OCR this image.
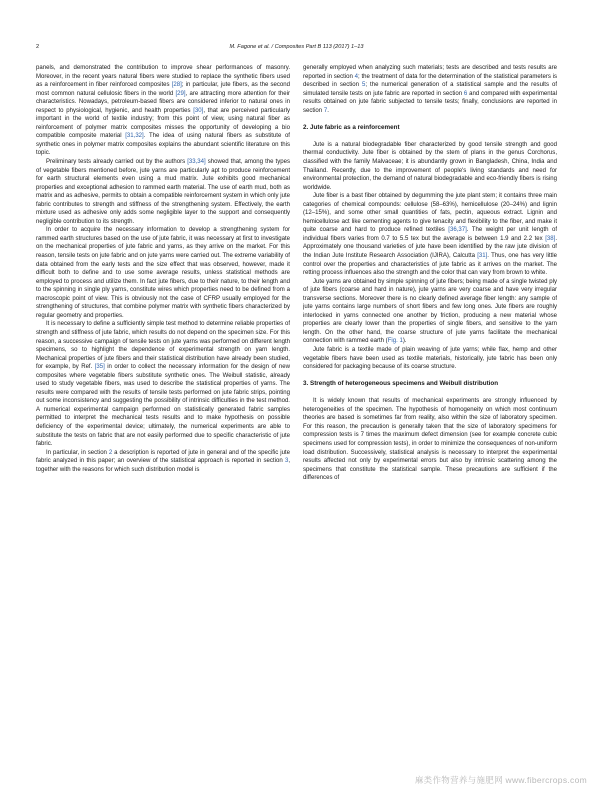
2	M. Fagone et al. / Composites Part B 113 (2017) 1–13

panels, and demonstrated the contribution to improve shear performances of masonry. Moreover, in the recent years natural fibers were studied to replace the synthetic fibers used as a reinforcement in fiber reinforced composites [28]; in particular, jute fibers, as the second most common natural cellulosic fibers in the world [29], are attracting more attention for their characteristics. Nowadays, petroleum-based fibers are considered inferior to natural ones in respect to physiological, hygienic, and health properties [30], that are perceived particularly important in the world of textile industry; from this point of view, using natural fiber as reinforcement of polymer matrix composites misses the opportunity of developing a bio compatible composite material [31,32]. The idea of using natural fibers as substitute of synthetic ones in polymer matrix composites explains the abundant scientific literature on this topic.

Preliminary tests already carried out by the authors [33,34] showed that, among the types of vegetable fibers mentioned before, jute yarns are particularly apt to produce reinforcement for earth structural elements even using a mud matrix. Jute exhibits good mechanical properties and exceptional adhesion to rammed earth material. The use of earth mud, both as matrix and as adhesive, permits to obtain a compatible reinforcement system in which only jute fabric contributes to strength and stiffness of the strengthening system. Effectively, the earth mixture used as adhesive only adds some negligible layer to the support and consequently negligible contribution to its strength.

In order to acquire the necessary information to develop a strengthening system for rammed earth structures based on the use of jute fabric, it was necessary at first to investigate on the mechanical properties of jute fabric and yarns, as they arrive on the market. For this reason, tensile tests on jute fabric and on jute yarns were carried out. The extreme variability of data obtained from the early tests and the size effect that was observed, however, made it difficult both to define and to use some average results, unless statistical methods are employed to process and utilize them. In fact jute fibers, due to their nature, to their length and to the spinning in single ply yarns, constitute wires which properties need to be defined from a macroscopic point of view. This is obviously not the case of CFRP usually employed for the strengthening of structures, that combine polymer matrix with synthetic fibers characterized by regular geometry and properties.

It is necessary to define a sufficiently simple test method to determine reliable properties of strength and stiffness of jute fabric, which results do not depend on the specimen size. For this reason, a successive campaign of tensile tests on jute yarns was performed on different length specimens, so to highlight the dependence of experimental strength on yarn length. Mechanical properties of jute fibers and their statistical distribution have already been studied, for example, by Ref. [35] in order to collect the necessary information for the design of new composites where vegetable fibers substitute synthetic ones. The Weibull statistic, already used to study vegetable fibers, was used to describe the statistical properties of yarns. The results were compared with the results of tensile tests performed on jute fabric strips, pointing out some inconsistency and suggesting the possibility of intrinsic difficulties in the test method. A numerical experimental campaign performed on statistically generated fabric samples permitted to interpret the mechanical tests results and to make hypothesis on possible deficiency of the experimental device; ultimately, the numerical experiments are able to substitute the tests on fabric that are not easily performed due to specific characteristic of jute fabric.

In particular, in section 2 a description is reported of jute in general and of the specific jute fabric analyzed in this paper; an overview of the statistical approach is reported in section 3, together with the reasons for which such distribution model is

generally employed when analyzing such materials; tests are described and tests results are reported in section 4; the treatment of data for the determination of the statistical parameters is described in section 5; the numerical generation of a statistical sample and the results of simulated tensile tests on jute fabric are reported in section 6 and compared with experimental results obtained on jute fabric subjected to tensile tests; finally, conclusions are reported in section 7.

2. Jute fabric as a reinforcement

Jute is a natural biodegradable fiber characterized by good tensile strength and good thermal conductivity. Jute fiber is obtained by the stem of plans in the genus Corchorus, classified with the family Malvaceae; it is abundantly grown in Bangladesh, China, India and Thailand. Recently, due to the improvement of people's living standards and need for environmental protection, the demand of natural biodegradable and eco-friendly fibers is rising worldwide.

Jute fiber is a bast fiber obtained by degumming the jute plant stem; it contains three main categories of chemical compounds: cellulose (58–63%), hemicellulose (20–24%) and lignin (12–15%), and some other small quantities of fats, pectin, aqueous extract. Lignin and hemicellulose act like cementing agents to give tenacity and flexibility to the fiber, and make it quite coarse and hard to produce refined textiles [36,37]. The weight per unit length of individual fibers varies from 0.7 to 5.5 tex but the average is between 1.9 and 2.2 tex [38]. Approximately one thousand varieties of jute have been identified by the raw jute division of the Indian Jute Institute Research Association (IJIRA), Calcutta [31]. Thus, one has very little control over the properties and characteristics of jute fabric as it arrives on the market. The retting process influences also the strength and the color that can vary from brown to white.

Jute yarns are obtained by simple spinning of jute fibers; being made of a single twisted ply of jute fibers (coarse and hard in nature), jute yarns are very coarse and have very irregular transverse sections. Moreover there is no clearly defined average fiber length: any sample of jute yarns contains large numbers of short fibers and few long ones. Jute fibers are roughly interlocked in yarns connected one another by friction, producing a new material whose properties are clearly lower than the properties of single fibers, and sensitive to the yarn length. On the other hand, the coarse structure of jute yarns facilitate the mechanical connection with rammed earth (Fig. 1).

Jute fabric is a textile made of plain weaving of jute yarns; while flax, hemp and other vegetable fibers have been used as textile materials, historically, jute fabric has been only considered for packaging because of its coarse structure.

3. Strength of heterogeneous specimens and Weibull distribution

It is widely known that results of mechanical experiments are strongly influenced by heterogeneities of the specimen. The hypothesis of homogeneity on which most continuum theories are based is sometimes far from reality, also within the size of laboratory specimen. For this reason, the precaution is generally taken that the size of laboratory specimens for compression tests is 7 times the maximum defect dimension (see for example concrete cubic specimens used for compression tests), in order to minimize the consequences of non-uniform load distribution. Successively, statistical analysis is necessary to interpret the experimental results affected not only by experimental errors but also by intrinsic scattering among the specimens that constitute the statistical sample. These precautions are sufficient if the differences of

麻类作物营养与施肥网 www.fibercrops.com
